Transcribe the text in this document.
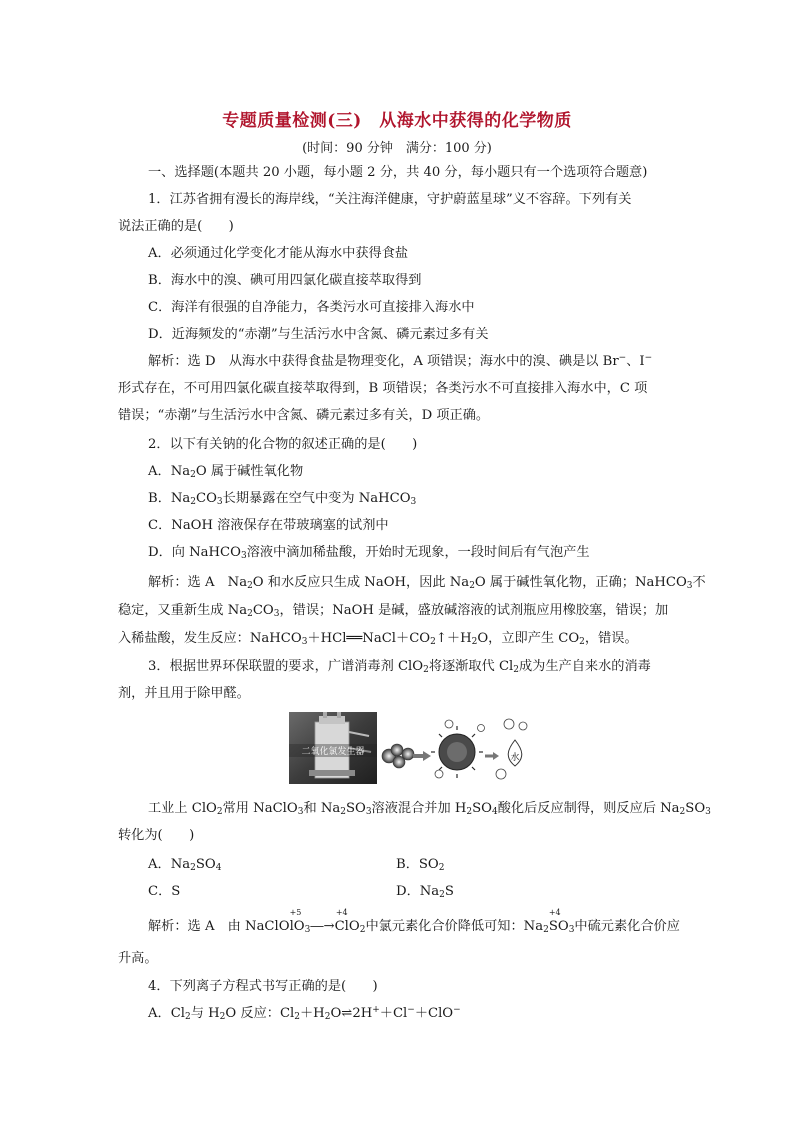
专题质量检测(三)　从海水中获得的化学物质
(时间：90 分钟　满分：100 分)
一、选择题(本题共 20 小题，每小题 2 分，共 40 分，每小题只有一个选项符合题意)
1．江苏省拥有漫长的海岸线，“关注海洋健康，守护蔚蓝星球”义不容辞。下列有关
说法正确的是(　　)
A．必须通过化学变化才能从海水中获得食盐
B．海水中的溴、碘可用四氯化碳直接萃取得到
C．海洋有很强的自净能力，各类污水可直接排入海水中
D．近海频发的“赤潮”与生活污水中含氮、磷元素过多有关
解析：选 D　从海水中获得食盐是物理变化，A 项错误；海水中的溴、碘是以 Br−、I−
形式存在，不可用四氯化碳直接萃取得到，B 项错误；各类污水不可直接排入海水中，C 项
错误；“赤潮”与生活污水中含氮、磷元素过多有关，D 项正确。
2．以下有关钠的化合物的叙述正确的是(　　)
A．$Na_2O$ 属于碱性氧化物
B．$Na_2CO_3$长期暴露在空气中变为 NaHCO$_3$
C．NaOH 溶液保存在带玻璃塞的试剂中
D．向 NaHCO$_3$溶液中滴加稀盐酸，开始时无现象，一段时间后有气泡产生
解析：选 A　$Na_2O$ 和水反应只生成 NaOH，因此 $Na_2O$ 属于碱性氧化物，正确；NaHCO$_3$不
稳定，又重新生成 $Na_2CO_3$，错误；NaOH 是碱，盛放碱溶液的试剂瓶应用橡胶塞，错误；加
入稀盐酸，发生反应：$NaHCO_3+HCl══NaCl+CO_2↑+H_2O$，立即产生 $CO_2$，错误。
3．根据世界环保联盟的要求，广谱消毒剂 ClO$_2$将逐渐取代 $Cl_2$成为生产自来水的消毒
剂，并且用于除甲醛。
二氧化氯发生器
水
工业上 ClO$_2$常用 NaClO$_3$和 $Na_2SO_3$溶液混合并加 $H_2SO_4$酸化后反应制得，则反应后 $Na_2SO_3$
转化为(　　)
A．$Na_2SO_4$	B．$SO_2$
C．S	D．$Na_2S$
解析：选 A　由 NaClO
+5
$lO_3―\to$
+4
ClO$_2$中氯元素化合价降低可知：$Na_2$
+4
$SO_3$中硫元素化合价应
升高。
4．下列离子方程式书写正确的是(　　)
A．$Cl_2$与 $H_2O$ 反应：$Cl_2+H_2O\rightleftharpoons 2H^++Cl^-+ClO^-$
